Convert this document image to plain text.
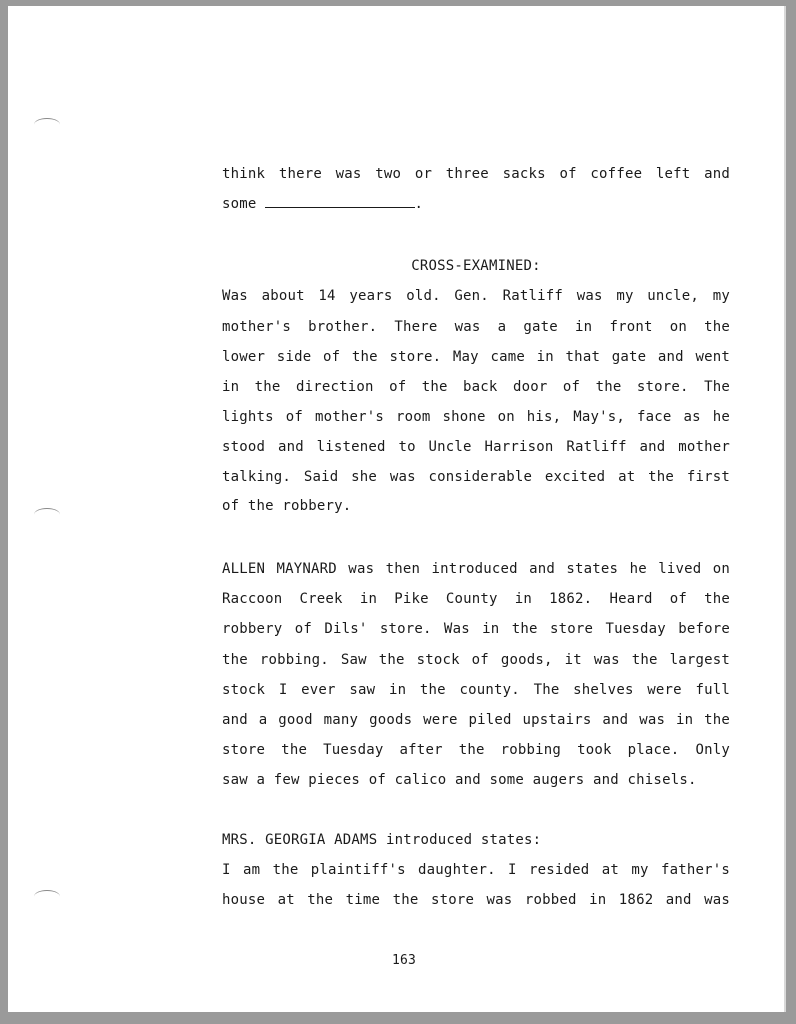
think there was two or three sacks of coffee left and
some	.
CROSS-EXAMINED:
Was about 14 years old. Gen. Ratliff was my uncle, my
mother's brother. There was a gate in front on the
lower side of the store. May came in that gate and went
in the direction of the back door of the store. The
lights of mother's room shone on his, May's, face as he
stood and listened to Uncle Harrison Ratliff and mother
talking. Said she was considerable excited at the first
of the robbery.
ALLEN MAYNARD was then introduced and states he lived on
Raccoon Creek in Pike County in 1862. Heard of the
robbery of Dils' store. Was in the store Tuesday before
the robbing. Saw the stock of goods, it was the largest
stock I ever saw in the county. The shelves were full
and a good many goods were piled upstairs and was in the
store the Tuesday after the robbing took place. Only
saw a few pieces of calico and some augers and chisels.
MRS. GEORGIA ADAMS introduced states:
I am the plaintiff's daughter. I resided at my father's
house at the time the store was robbed in 1862 and was
163
